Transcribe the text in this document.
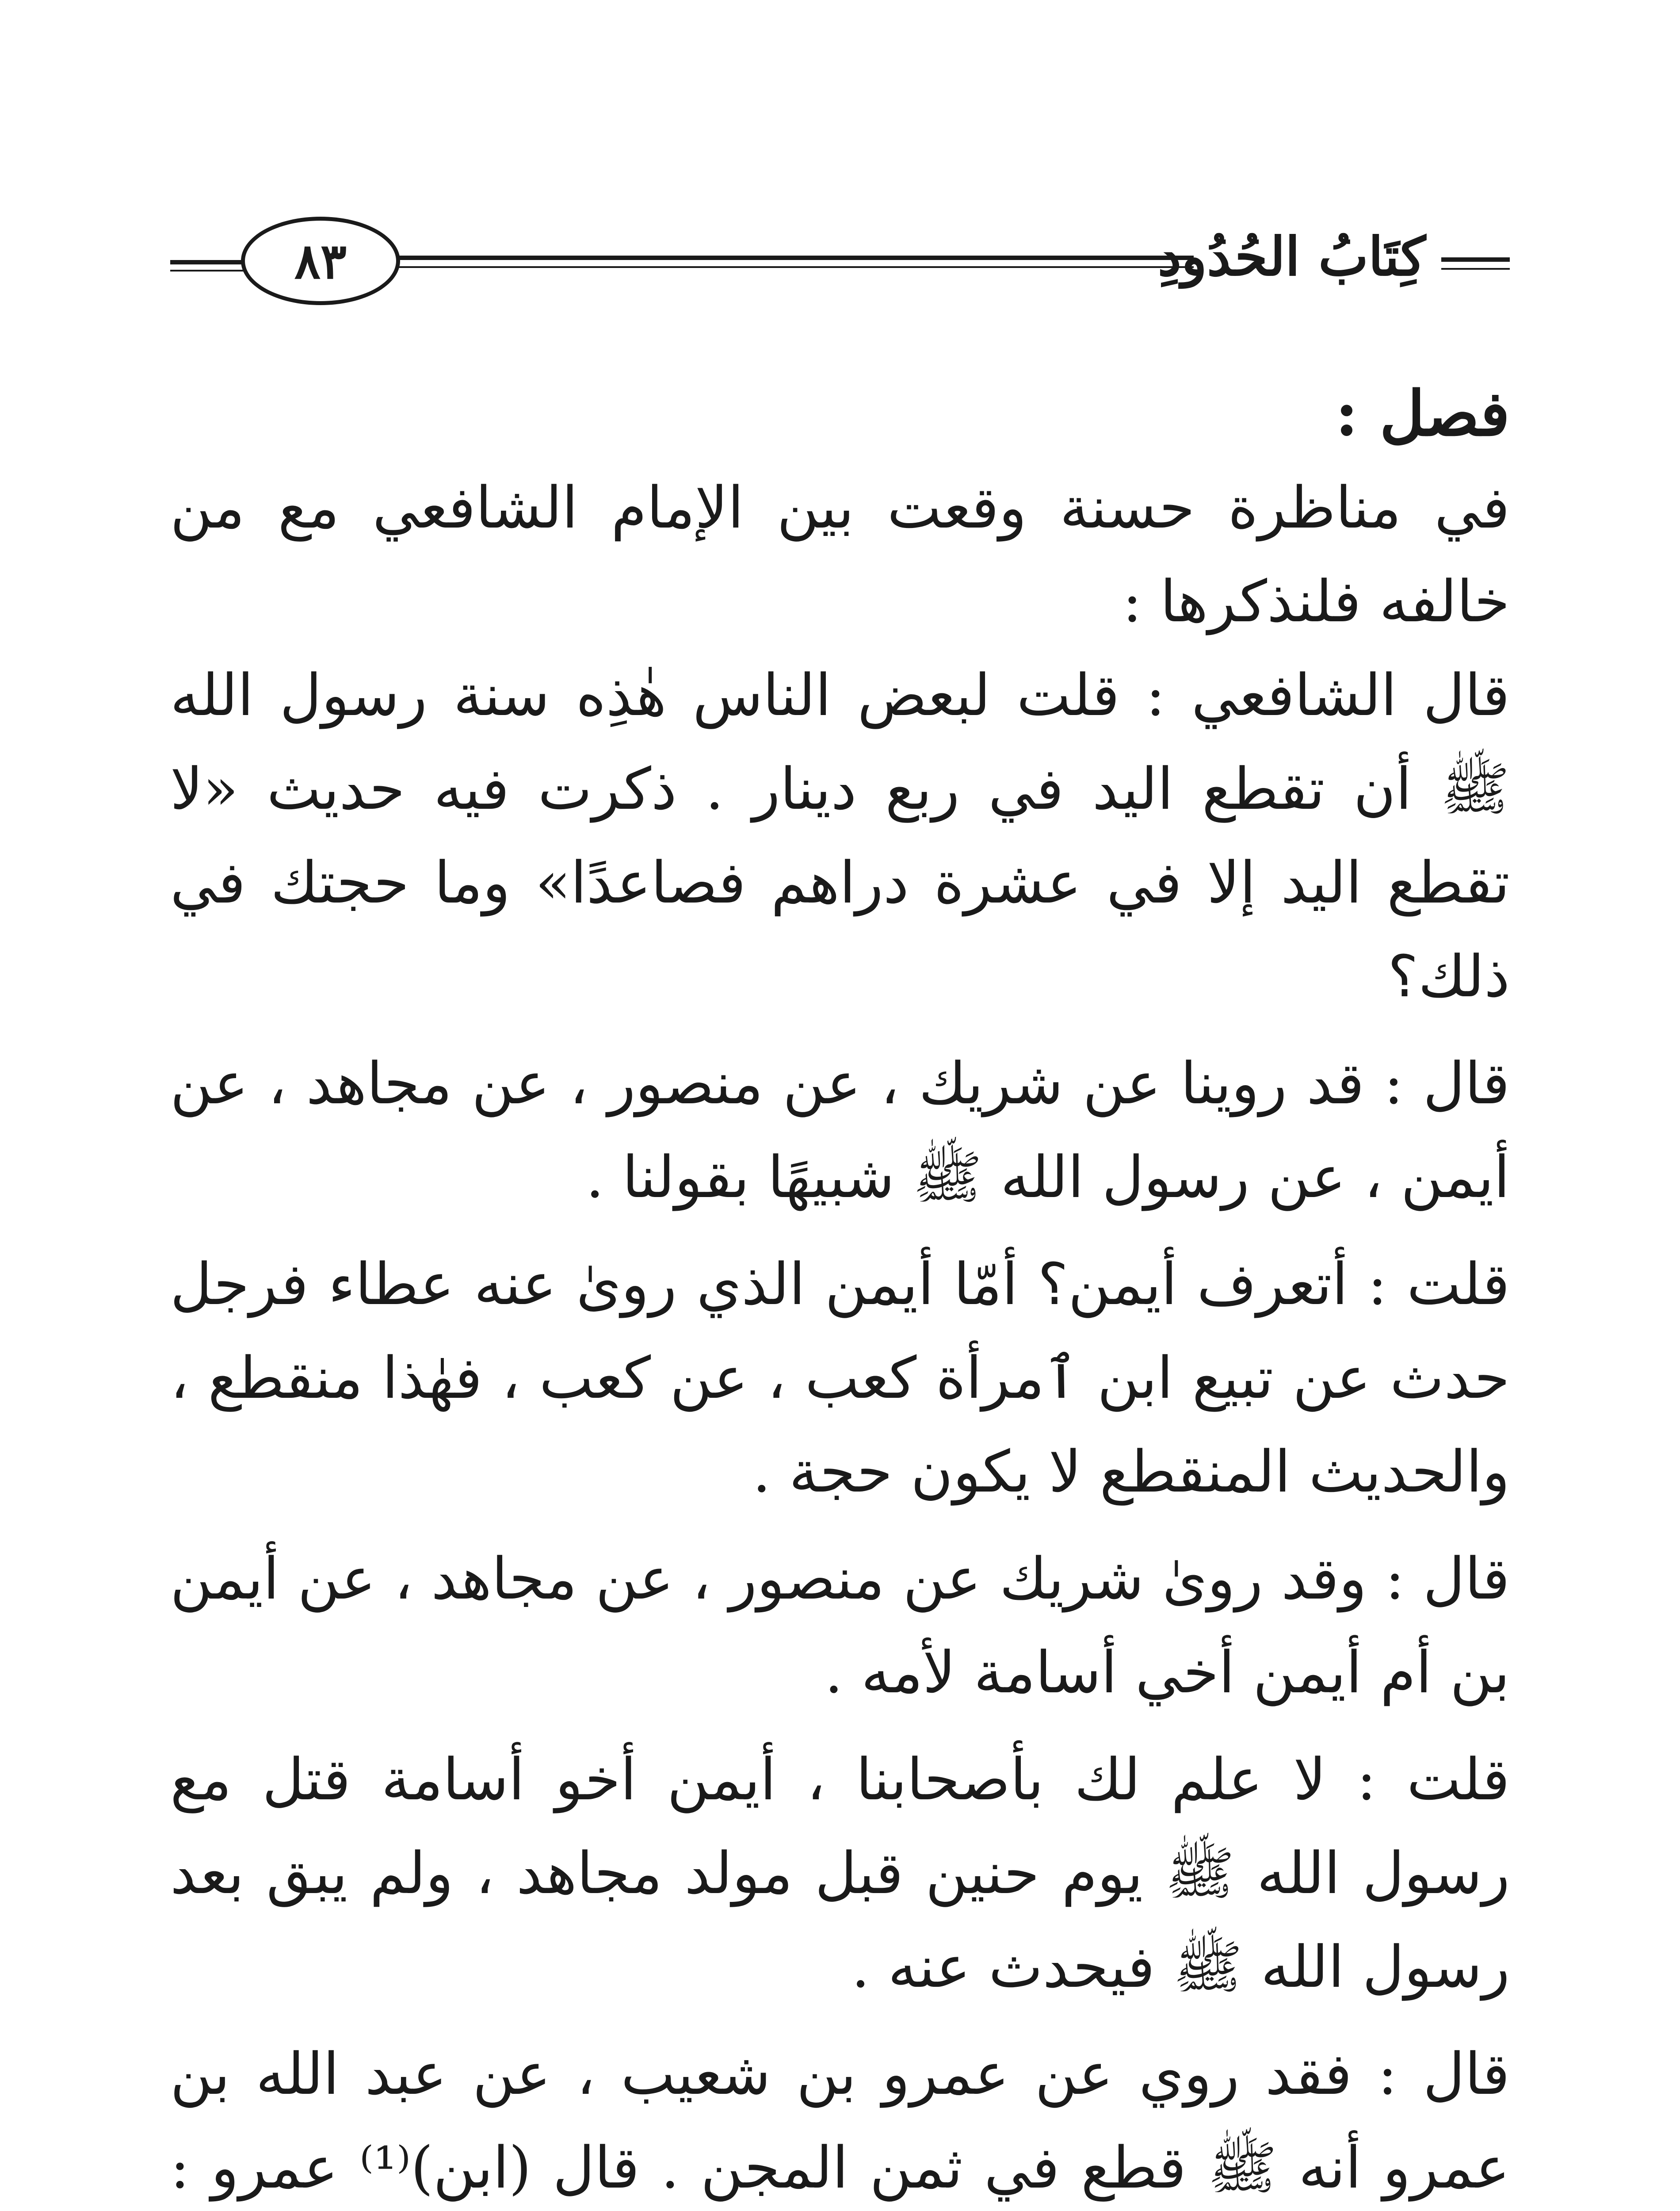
٨٣	كِتَابُ الحُدُودِ

فصل :

في مناظرة حسنة وقعت بين الإمام الشافعي مع من خالفه فلنذكرها :

قال الشافعي : قلت لبعض الناس هٰذِه سنة رسول الله ﷺ أن تقطع اليد في ربع دينار . ذكرت فيه حديث «لا تقطع اليد إلا في عشرة دراهم فصاعدًا» وما حجتك في ذلك؟

قال : قد روينا عن شريك ، عن منصور ، عن مجاهد ، عن أيمن ، عن رسول الله ﷺ شبيهًا بقولنا .

قلت : أتعرف أيمن؟ أمّا أيمن الذي روىٰ عنه عطاء فرجل حدث عن تبيع ابن ٱمرأة كعب ، عن كعب ، فهٰذا منقطع ، والحديث المنقطع لا يكون حجة .

قال : وقد روىٰ شريك عن منصور ، عن مجاهد ، عن أيمن بن أم أيمن أخي أسامة لأمه .

قلت : لا علم لك بأصحابنا ، أيمن أخو أسامة قتل مع رسول الله ﷺ يوم حنين قبل مولد مجاهد ، ولم يبق بعد رسول الله ﷺ فيحدث عنه .

قال : فقد روي عن عمرو بن شعيب ، عن عبد الله بن عمرو أنه ﷺ قطع في ثمن المجن . قال (ابن)⁽¹⁾ عمرو :
